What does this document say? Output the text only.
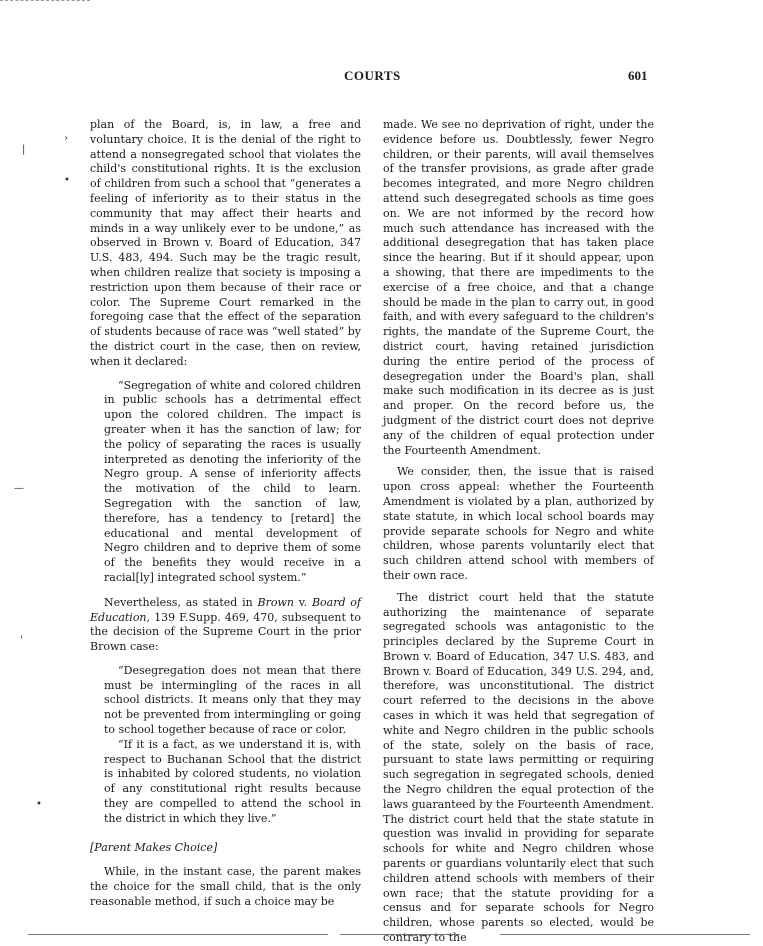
COURTS	601
›
|
•
—
'
•

plan of the Board, is, in law, a free and voluntary choice. It is the denial of the right to attend a nonsegregated school that violates the child's constitutional rights. It is the exclusion of children from such a school that “generates a feeling of inferiority as to their status in the community that may affect their hearts and minds in a way unlikely ever to be undone,” as observed in Brown v. Board of Education, 347 U.S. 483, 494. Such may be the tragic result, when children realize that society is imposing a restriction upon them because of their race or color. The Supreme Court remarked in the foregoing case that the effect of the separation of students because of race was “well stated” by the district court in the case, then on review, when it declared:

“Segregation of white and colored children in public schools has a detrimental effect upon the colored children. The impact is greater when it has the sanction of law; for the policy of separating the races is usually interpreted as denoting the inferiority of the Negro group. A sense of inferiority affects the motivation of the child to learn. Segregation with the sanction of law, therefore, has a tendency to [retard] the educational and mental development of Negro children and to deprive them of some of the benefits they would receive in a racial[ly] integrated school system.”

Nevertheless, as stated in Brown v. Board of Education, 139 F.Supp. 469, 470, subsequent to the decision of the Supreme Court in the prior Brown case:

“Desegregation does not mean that there must be intermingling of the races in all school districts. It means only that they may not be prevented from intermingling or going to school together because of race or color.

“If it is a fact, as we understand it is, with respect to Buchanan School that the district is inhabited by colored students, no violation of any constitutional right results because they are compelled to attend the school in the district in which they live.”

[Parent Makes Choice]

While, in the instant case, the parent makes the choice for the small child, that is the only reasonable method, if such a choice may be

made. We see no deprivation of right, under the evidence before us. Doubtlessly, fewer Negro children, or their parents, will avail themselves of the transfer provisions, as grade after grade becomes integrated, and more Negro children attend such desegregated schools as time goes on. We are not informed by the record how much such attendance has increased with the additional desegregation that has taken place since the hearing. But if it should appear, upon a showing, that there are impediments to the exercise of a free choice, and that a change should be made in the plan to carry out, in good faith, and with every safeguard to the children's rights, the mandate of the Supreme Court, the district court, having retained jurisdiction during the entire period of the process of desegregation under the Board's plan, shall make such modification in its decree as is just and proper. On the record before us, the judgment of the district court does not deprive any of the children of equal protection under the Fourteenth Amendment.

We consider, then, the issue that is raised upon cross appeal: whether the Fourteenth Amendment is violated by a plan, authorized by state statute, in which local school boards may provide separate schools for Negro and white children, whose parents voluntarily elect that such children attend school with members of their own race.

The district court held that the statute authorizing the maintenance of separate segregated schools was antagonistic to the principles declared by the Supreme Court in Brown v. Board of Education, 347 U.S. 483, and Brown v. Board of Education, 349 U.S. 294, and, therefore, was unconstitutional. The district court referred to the decisions in the above cases in which it was held that segregation of white and Negro children in the public schools of the state, solely on the basis of race, pursuant to state laws permitting or requiring such segregation in segregated schools, denied the Negro children the equal protection of the laws guaranteed by the Fourteenth Amendment. The district court held that the state statute in question was invalid in providing for separate schools for white and Negro children whose parents or guardians voluntarily elect that such children attend schools with members of their own race; that the statute providing for a census and for separate schools for Negro children, whose parents so elected, would be contrary to the
